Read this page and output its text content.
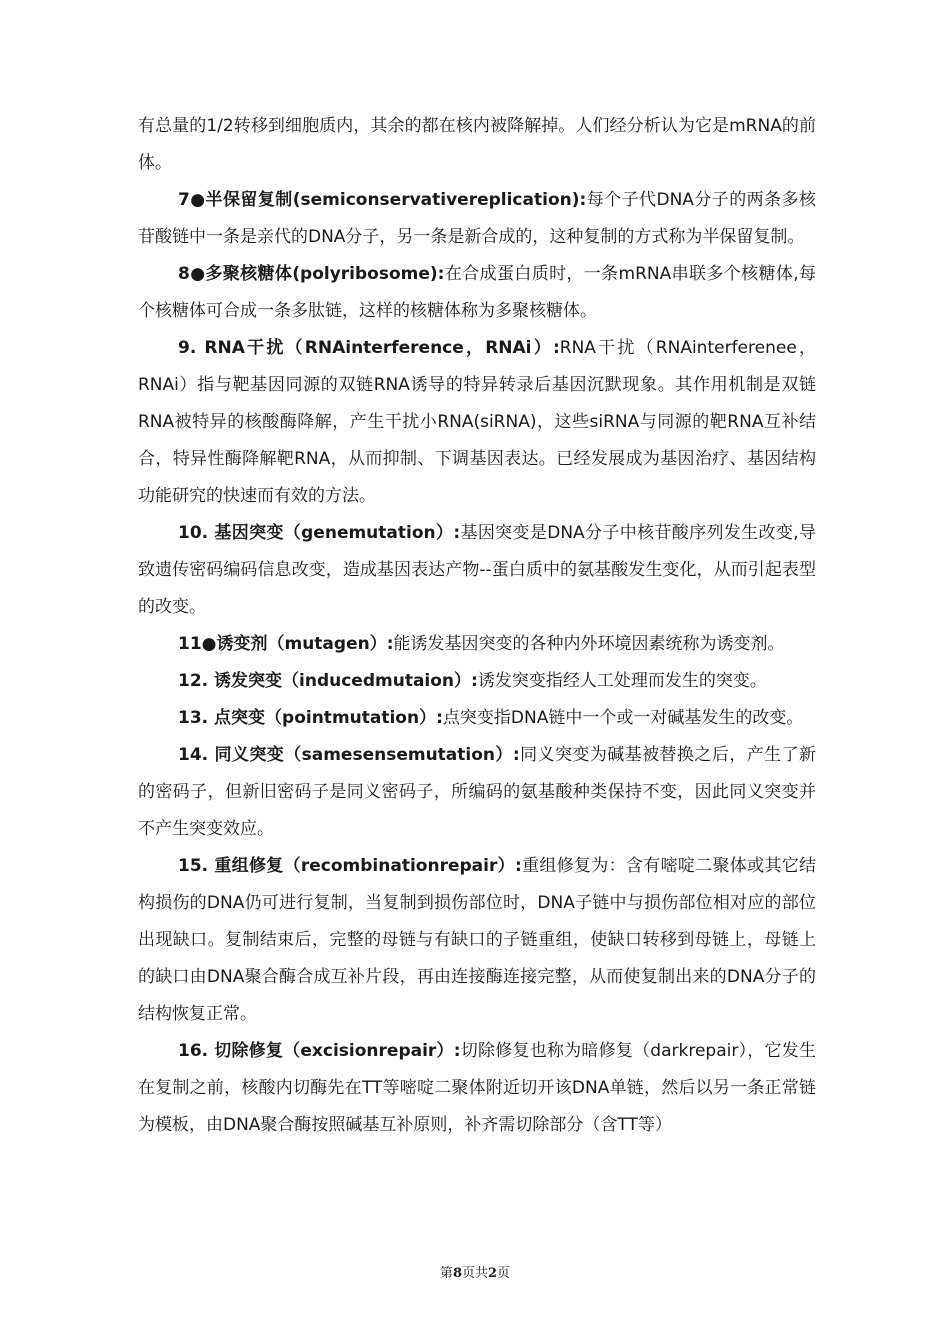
有总量的1/2转移到细胞质内，其余的都在核内被降解掉。人们经分析认为它是mRNA的前体。

7●半保留复制(semiconservativereplication):每个子代DNA分子的两条多核苷酸链中一条是亲代的DNA分子，另一条是新合成的，这种复制的方式称为半保留复制。

8●多聚核糖体(polyribosome):在合成蛋白质时，一条mRNA串联多个核糖体,每个核糖体可合成一条多肽链，这样的核糖体称为多聚核糖体。

9. RNA干扰（RNAinterference，RNAi）:RNA干扰（RNAinterferenee，RNAi）指与靶基因同源的双链RNA诱导的特异转录后基因沉默现象。其作用机制是双链RNA被特异的核酸酶降解，产生干扰小RNA(siRNA)，这些siRNA与同源的靶RNA互补结合，特异性酶降解靶RNA，从而抑制、下调基因表达。已经发展成为基因治疗、基因结构功能研究的快速而有效的方法。

10. 基因突变（genemutation）:基因突变是DNA分子中核苷酸序列发生改变,导致遗传密码编码信息改变，造成基因表达产物--蛋白质中的氨基酸发生变化，从而引起表型的改变。

11●诱变剂（mutagen）:能诱发基因突变的各种内外环境因素统称为诱变剂。

12. 诱发突变（inducedmutaion）:诱发突变指经人工处理而发生的突变。

13. 点突变（pointmutation）:点突变指DNA链中一个或一对碱基发生的改变。

14. 同义突变（samesensemutation）:同义突变为碱基被替换之后，产生了新的密码子，但新旧密码子是同义密码子，所编码的氨基酸种类保持不变，因此同义突变并不产生突变效应。

15. 重组修复（recombinationrepair）:重组修复为：含有嘧啶二聚体或其它结构损伤的DNA仍可进行复制，当复制到损伤部位时，DNA子链中与损伤部位相对应的部位出现缺口。复制结束后，完整的母链与有缺口的子链重组，使缺口转移到母链上，母链上的缺口由DNA聚合酶合成互补片段，再由连接酶连接完整，从而使复制出来的DNA分子的结构恢复正常。

16. 切除修复（excisionrepair）:切除修复也称为暗修复（darkrepair），它发生在复制之前，核酸内切酶先在TT等嘧啶二聚体附近切开该DNA单链，然后以另一条正常链为模板，由DNA聚合酶按照碱基互补原则，补齐需切除部分（含TT等）

第8页共2页
